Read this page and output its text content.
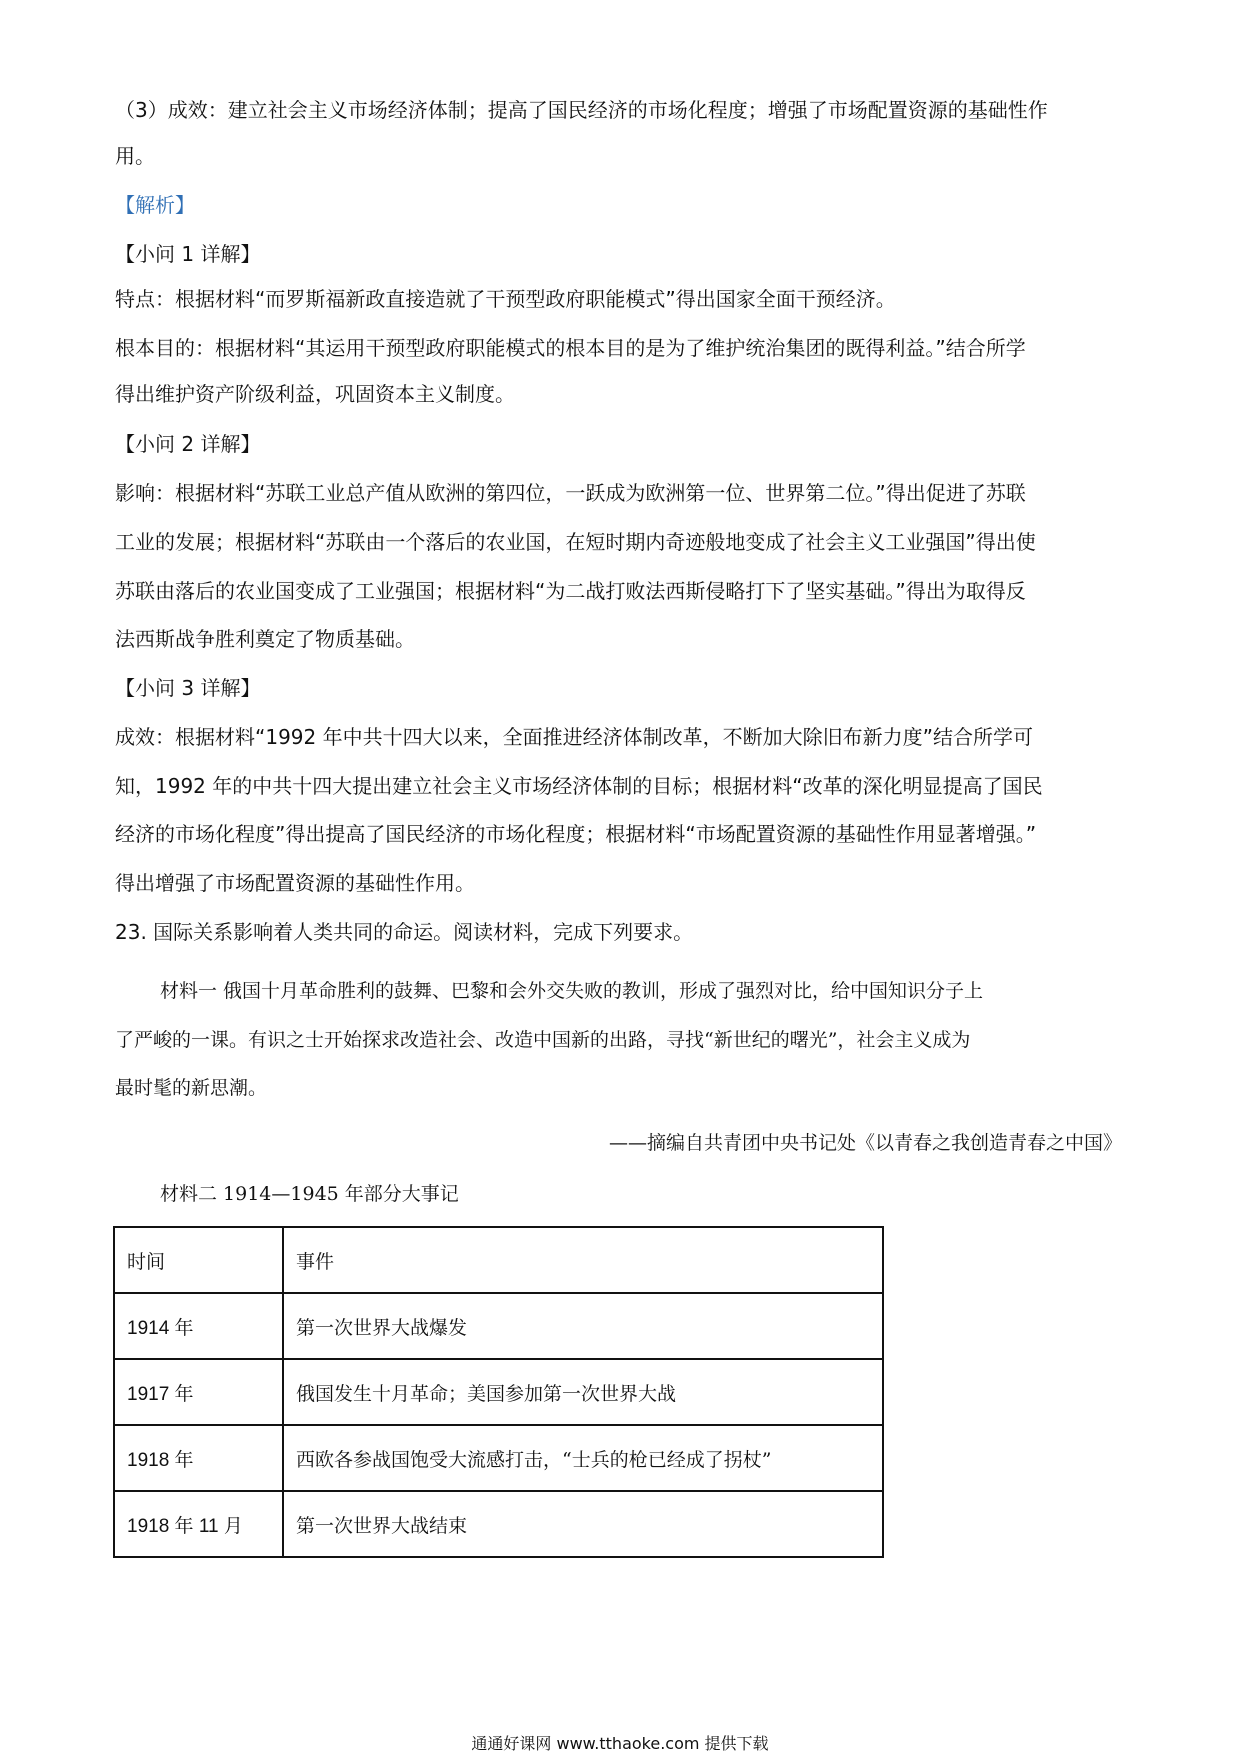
（3）成效：建立社会主义市场经济体制；提高了国民经济的市场化程度；增强了市场配置资源的基础性作
用。
【解析】
【小问 1 详解】
特点：根据材料“而罗斯福新政直接造就了干预型政府职能模式”得出国家全面干预经济。
根本目的：根据材料“其运用干预型政府职能模式的根本目的是为了维护统治集团的既得利益。”结合所学
得出维护资产阶级利益，巩固资本主义制度。
【小问 2 详解】
影响：根据材料“苏联工业总产值从欧洲的第四位，一跃成为欧洲第一位、世界第二位。”得出促进了苏联
工业的发展；根据材料“苏联由一个落后的农业国，在短时期内奇迹般地变成了社会主义工业强国”得出使
苏联由落后的农业国变成了工业强国；根据材料“为二战打败法西斯侵略打下了坚实基础。”得出为取得反
法西斯战争胜利奠定了物质基础。
【小问 3 详解】
成效：根据材料“1992 年中共十四大以来，全面推进经济体制改革，不断加大除旧布新力度”结合所学可
知，1992 年的中共十四大提出建立社会主义市场经济体制的目标；根据材料“改革的深化明显提高了国民
经济的市场化程度”得出提高了国民经济的市场化程度；根据材料“市场配置资源的基础性作用显著增强。”
得出增强了市场配置资源的基础性作用。
23. 国际关系影响着人类共同的命运。阅读材料，完成下列要求。
材料一 俄国十月革命胜利的鼓舞、巴黎和会外交失败的教训，形成了强烈对比，给中国知识分子上
了严峻的一课。有识之士开始探求改造社会、改造中国新的出路，寻找“新世纪的曙光”，社会主义成为
最时髦的新思潮。
——摘编自共青团中央书记处《以青春之我创造青春之中国》
材料二 1914—1945 年部分大事记
时间	事件
1914 年	第一次世界大战爆发
1917 年	俄国发生十月革命；美国参加第一次世界大战
1918 年	西欧各参战国饱受大流感打击，“士兵的枪已经成了拐杖”
1918 年 11 月	第一次世界大战结束
通通好课网 www.tthaoke.com 提供下载
